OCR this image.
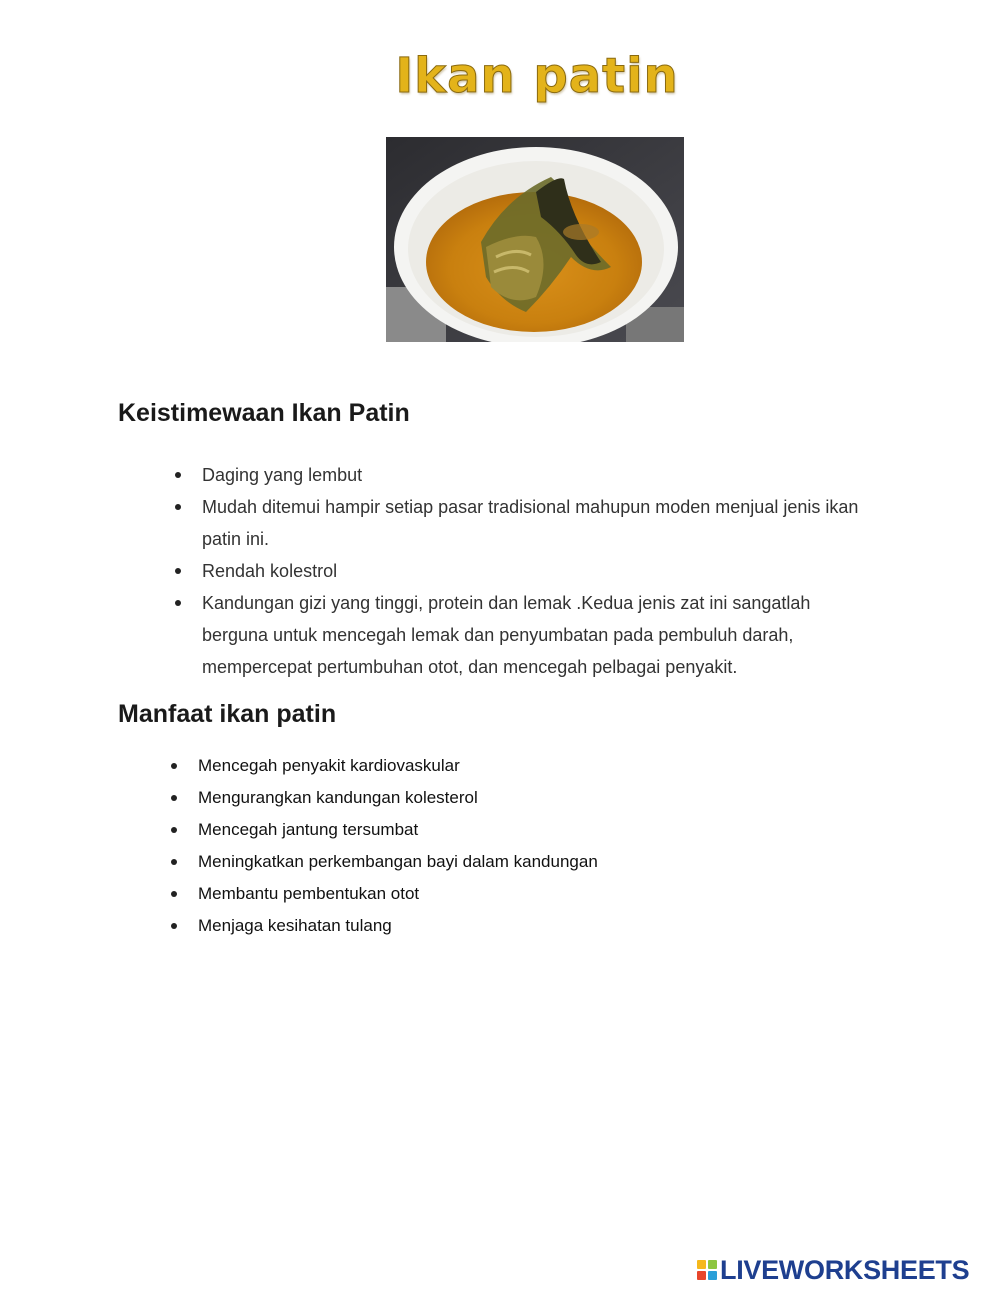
Ikan patin
Keistimewaan Ikan Patin
Daging yang lembut
Mudah ditemui hampir setiap pasar tradisional mahupun moden menjual jenis ikan patin ini.
Rendah kolestrol
Kandungan gizi yang tinggi, protein dan lemak .Kedua jenis zat ini sangatlah berguna untuk mencegah lemak dan penyumbatan pada pembuluh darah, mempercepat pertumbuhan otot, dan mencegah pelbagai penyakit.
Manfaat ikan patin
Mencegah penyakit kardiovaskular
Mengurangkan kandungan kolesterol
Mencegah jantung tersumbat
Meningkatkan perkembangan bayi dalam kandungan
Membantu pembentukan otot
Menjaga kesihatan tulang
LIVEWORKSHEETS
